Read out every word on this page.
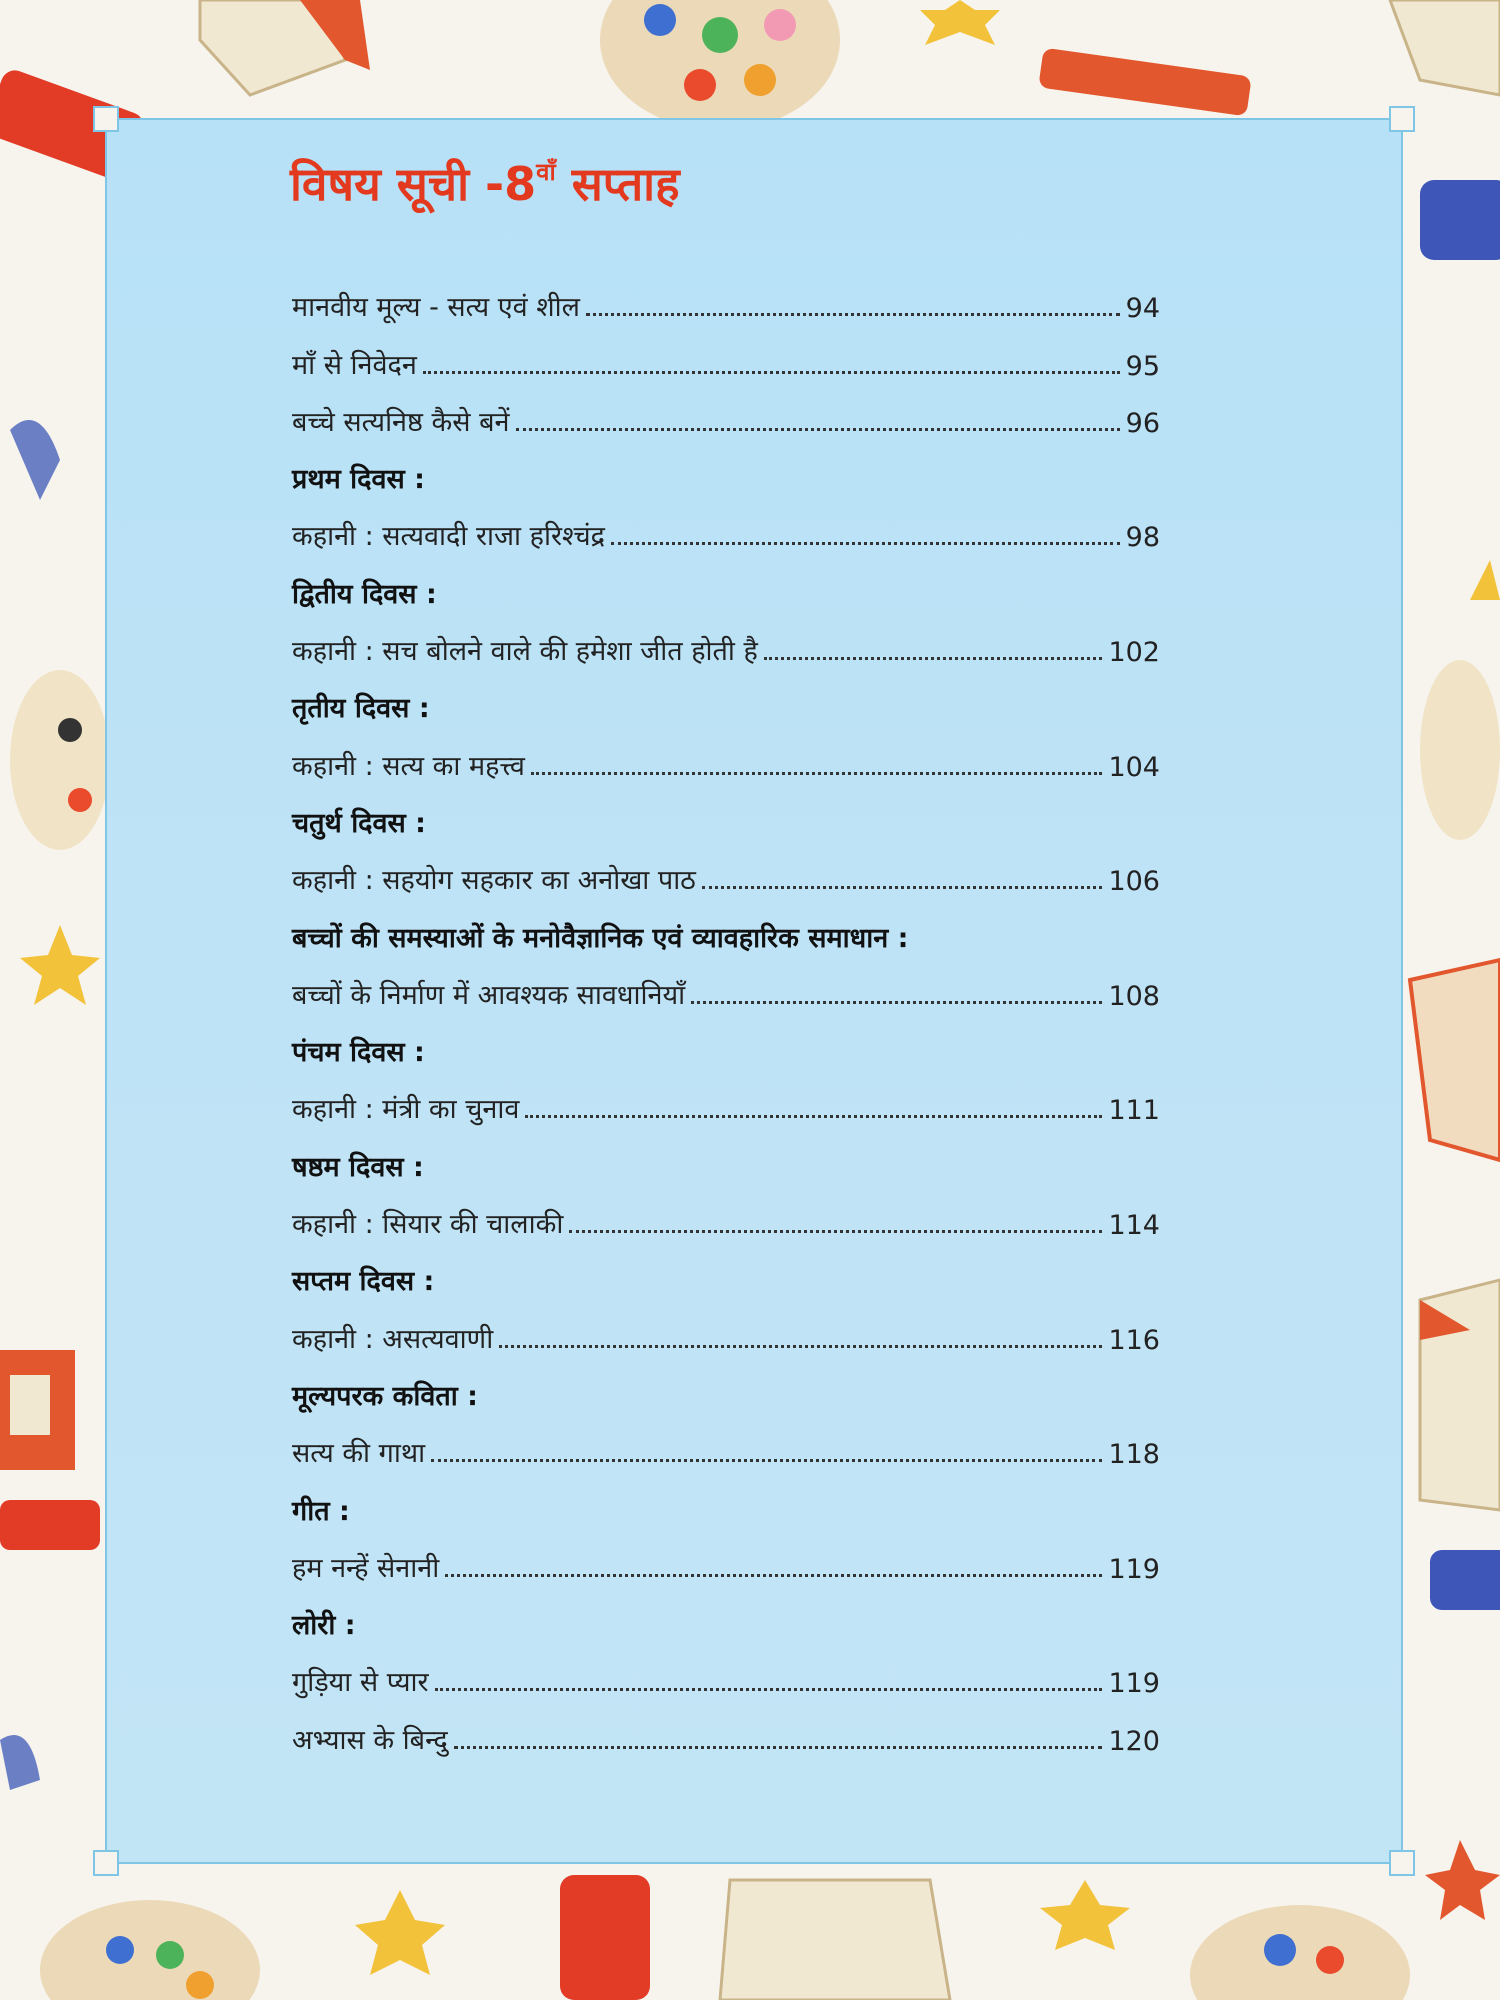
विषय सूची $-8^{वाँ}$ सप्ताह
मानवीय मूल्य - सत्य एवं शील	94
माँ से निवेदन	95
बच्चे सत्यनिष्ठ कैसे बनें	96
प्रथम दिवस :
कहानी : सत्यवादी राजा हरिश्चंद्र	98
द्वितीय दिवस :
कहानी : सच बोलने वाले की हमेशा जीत होती है	102
तृतीय दिवस :
कहानी : सत्य का महत्त्व	104
चतुर्थ दिवस :
कहानी : सहयोग सहकार का अनोखा पाठ	106
बच्चों की समस्याओं के मनोवैज्ञानिक एवं व्यावहारिक समाधान :
बच्चों के निर्माण में आवश्यक सावधानियाँ	108
पंचम दिवस :
कहानी : मंत्री का चुनाव	111
षष्ठम दिवस :
कहानी : सियार की चालाकी	114
सप्तम दिवस :
कहानी : असत्यवाणी	116
मूल्यपरक कविता :
सत्य की गाथा	118
गीत :
हम नन्हें सेनानी	119
लोरी :
गुड़िया से प्यार	119
अभ्यास के बिन्दु	120
